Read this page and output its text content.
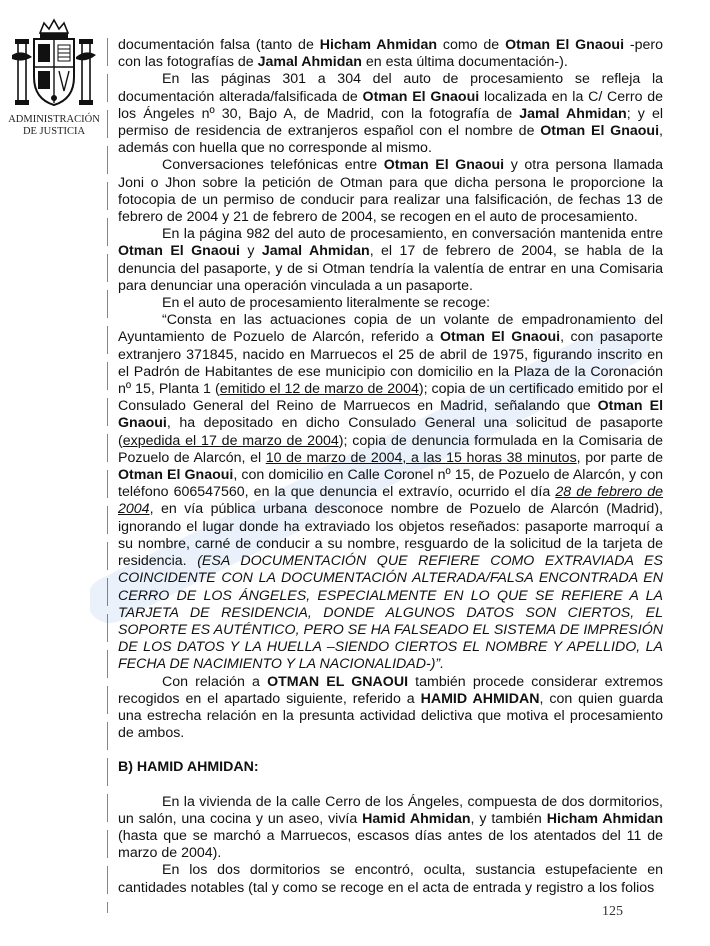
ADMINISTRACIÓN
DE JUSTICIA

documentación falsa (tanto de Hicham Ahmidan como de Otman El Gnaoui -pero con las fotografías de Jamal Ahmidan en esta última documentación-).

En las páginas 301 a 304 del auto de procesamiento se refleja la documentación alterada/falsificada de Otman El Gnaoui localizada en la C/ Cerro de los Ángeles nº 30, Bajo A, de Madrid, con la fotografía de Jamal Ahmidan; y el permiso de residencia de extranjeros español con el nombre de Otman El Gnaoui, además con huella que no corresponde al mismo.

Conversaciones telefónicas entre Otman El Gnaoui y otra persona llamada Joni o Jhon sobre la petición de Otman para que dicha persona le proporcione la fotocopia de un permiso de conducir para realizar una falsificación, de fechas 13 de febrero de 2004 y 21 de febrero de 2004, se recogen en el auto de procesamiento.

En la página 982 del auto de procesamiento, en conversación mantenida entre Otman El Gnaoui y Jamal Ahmidan, el 17 de febrero de 2004, se habla de la denuncia del pasaporte, y de si Otman tendría la valentía de entrar en una Comisaria para denunciar una operación vinculada a un pasaporte.

En el auto de procesamiento literalmente se recoge:

“Consta en las actuaciones copia de un volante de empadronamiento del Ayuntamiento de Pozuelo de Alarcón, referido a Otman El Gnaoui, con pasaporte extranjero 371845, nacido en Marruecos el 25 de abril de 1975, figurando inscrito en el Padrón de Habitantes de ese municipio con domicilio en la Plaza de la Coronación nº 15, Planta 1 (emitido el 12 de marzo de 2004); copia de un certificado emitido por el Consulado General del Reino de Marruecos en Madrid, señalando que Otman El Gnaoui, ha depositado en dicho Consulado General una solicitud de pasaporte (expedida el 17 de marzo de 2004); copia de denuncia formulada en la Comisaria de Pozuelo de Alarcón, el 10 de marzo de 2004, a las 15 horas 38 minutos, por parte de Otman El Gnaoui, con domicilio en Calle Coronel nº 15, de Pozuelo de Alarcón, y con teléfono 606547560, en la que denuncia el extravío, ocurrido el día 28 de febrero de 2004, en vía pública urbana desconoce nombre de Pozuelo de Alarcón (Madrid), ignorando el lugar donde ha extraviado los objetos reseñados: pasaporte marroquí a su nombre, carné de conducir a su nombre, resguardo de la solicitud de la tarjeta de residencia. (ESA DOCUMENTACIÓN QUE REFIERE COMO EXTRAVIADA ES COINCIDENTE CON LA DOCUMENTACIÓN ALTERADA/FALSA ENCONTRADA EN CERRO DE LOS ÁNGELES, ESPECIALMENTE EN LO QUE SE REFIERE A LA TARJETA DE RESIDENCIA, DONDE ALGUNOS DATOS SON CIERTOS, EL SOPORTE ES AUTÉNTICO, PERO SE HA FALSEADO EL SISTEMA DE IMPRESIÓN DE LOS DATOS Y LA HUELLA –SIENDO CIERTOS EL NOMBRE Y APELLIDO, LA FECHA DE NACIMIENTO Y LA NACIONALIDAD-)”.

Con relación a OTMAN EL GNAOUI también procede considerar extremos recogidos en el apartado siguiente, referido a HAMID AHMIDAN, con quien guarda una estrecha relación en la presunta actividad delictiva que motiva el procesamiento de ambos.

B) HAMID AHMIDAN:

En la vivienda de la calle Cerro de los Ángeles, compuesta de dos dormitorios, un salón, una cocina y un aseo, vivía Hamid Ahmidan, y también Hicham Ahmidan (hasta que se marchó a Marruecos, escasos días antes de los atentados del 11 de marzo de 2004).

En los dos dormitorios se encontró, oculta, sustancia estupefaciente en cantidades notables (tal y como se recoge en el acta de entrada y registro a los folios

125
